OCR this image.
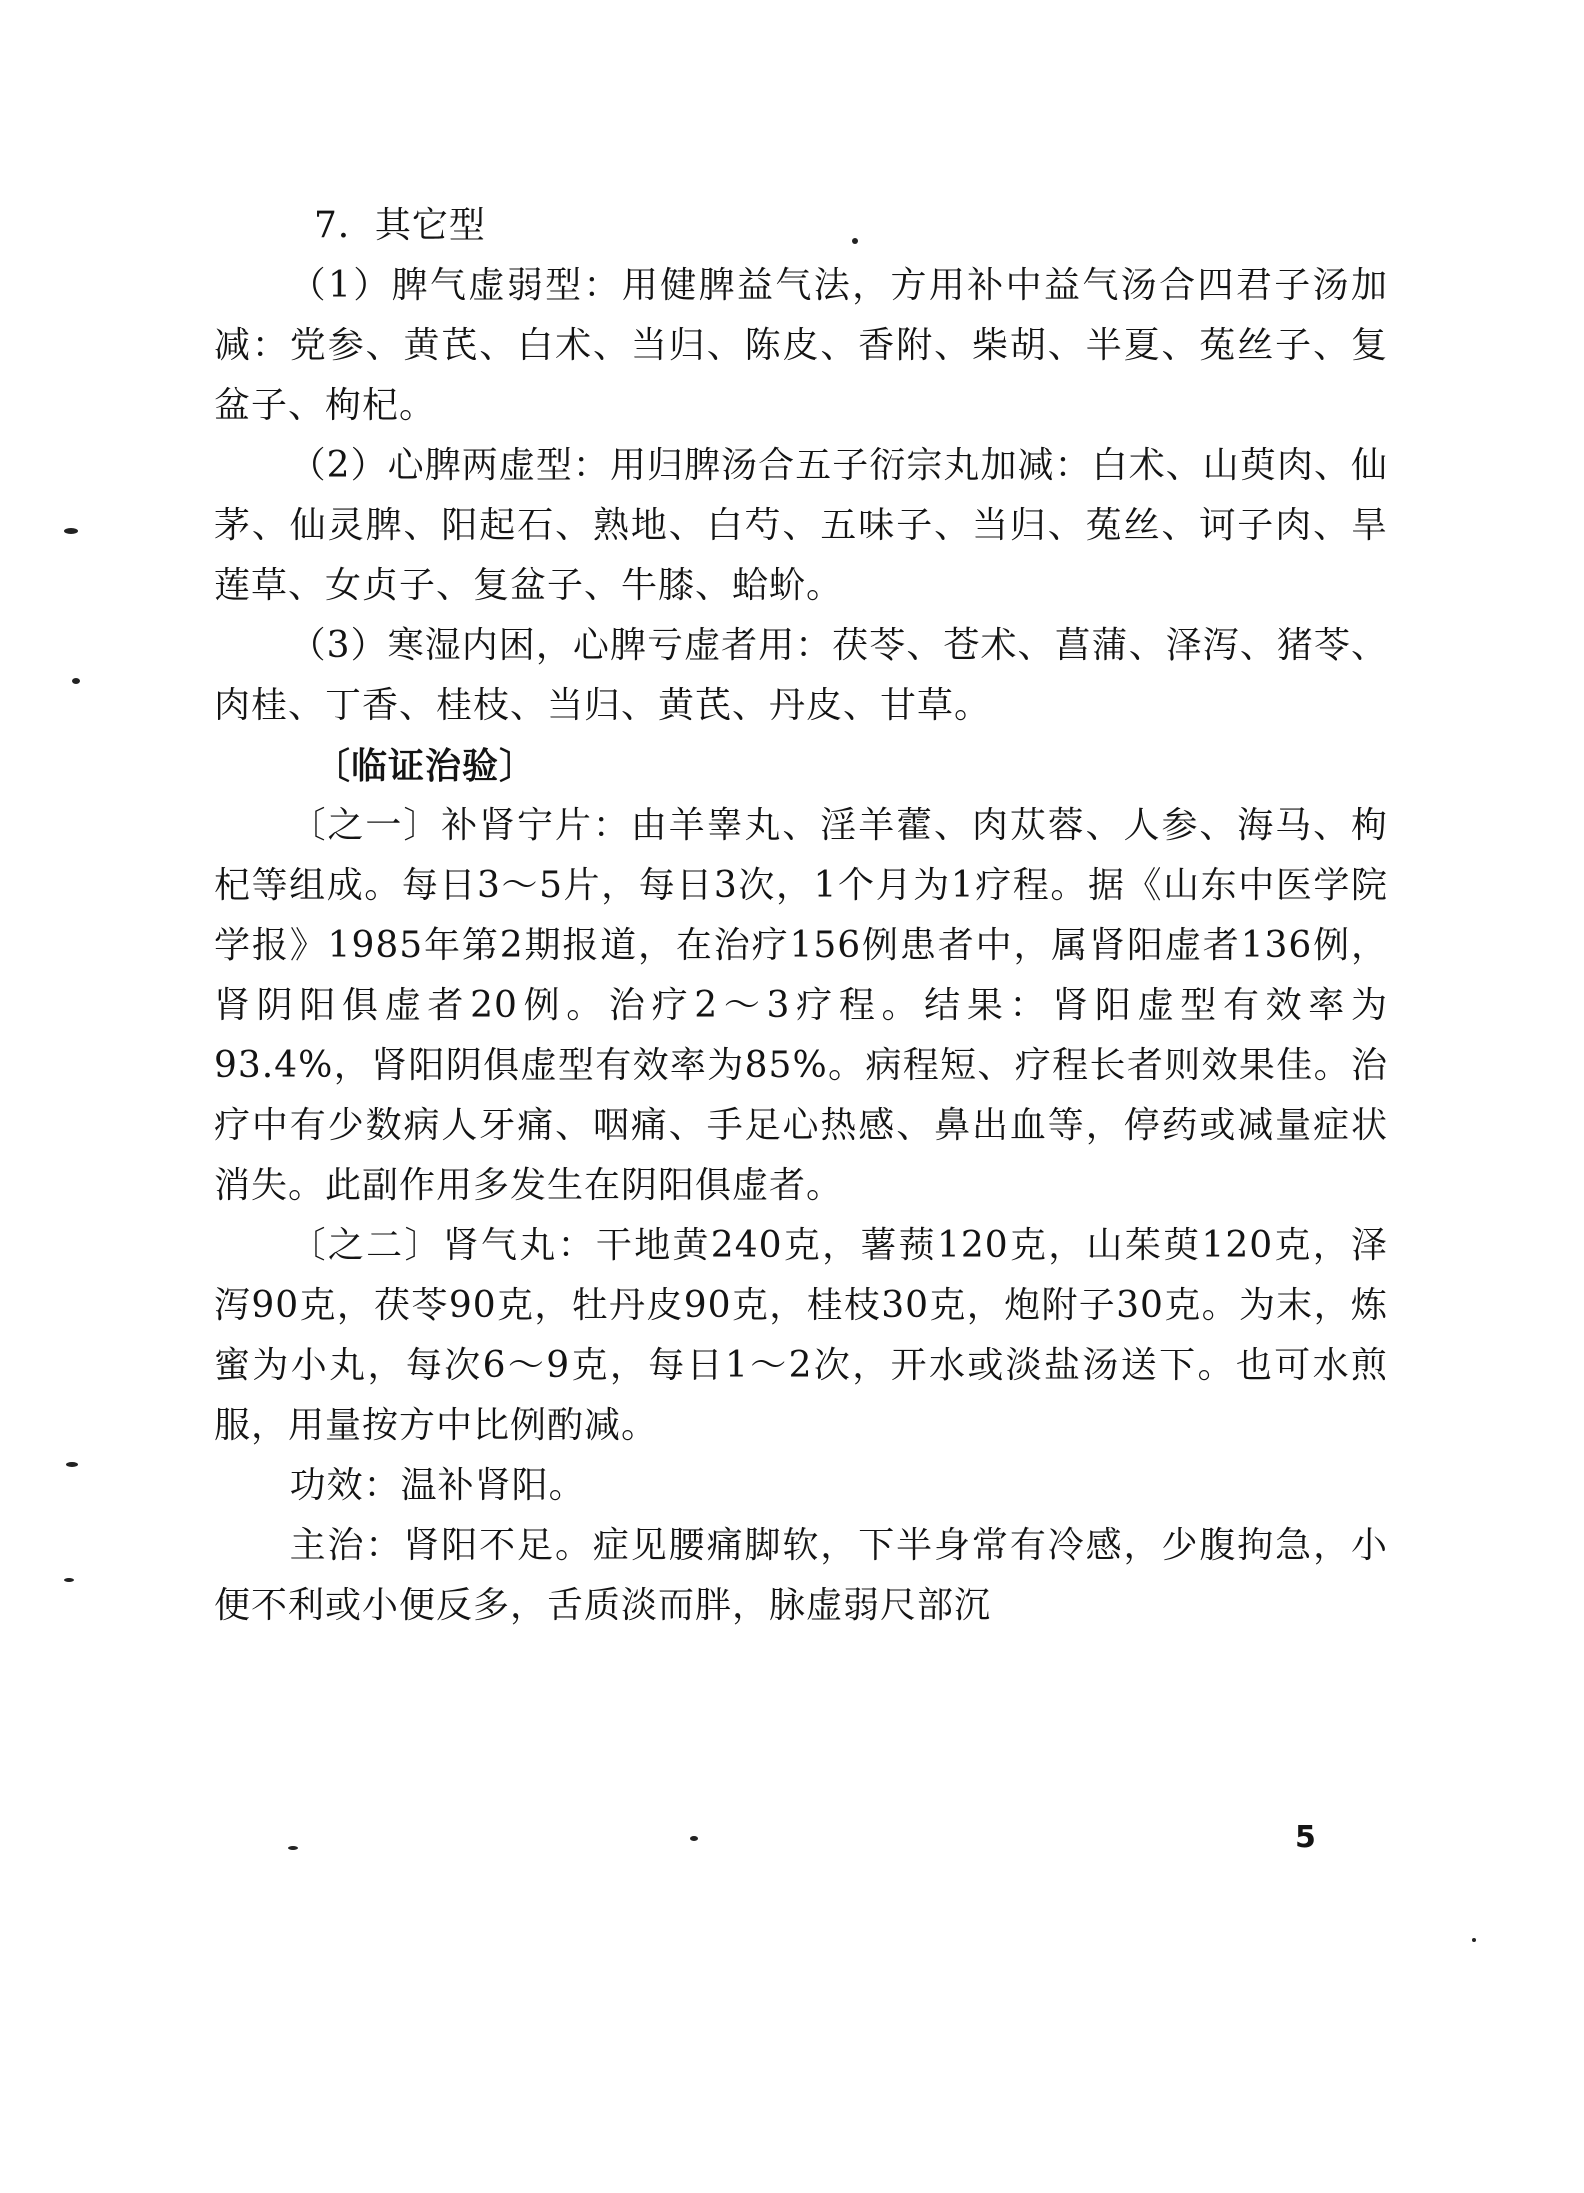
7．其它型

（1）脾气虚弱型：用健脾益气法，方用补中益气汤合四君子汤加减：党参、黄芪、白术、当归、陈皮、香附、柴胡、半夏、菟丝子、复盆子、枸杞。

（2）心脾两虚型：用归脾汤合五子衍宗丸加减：白术、山萸肉、仙茅、仙灵脾、阳起石、熟地、白芍、五味子、当归、菟丝、诃子肉、旱莲草、女贞子、复盆子、牛膝、蛤蚧。

（3）寒湿内困，心脾亏虚者用：茯苓、苍术、菖蒲、泽泻、猪苓、肉桂、丁香、桂枝、当归、黄芪、丹皮、甘草。

〔临证治验〕

〔之一〕补肾宁片：由羊睾丸、淫羊藿、肉苁蓉、人参、海马、枸杞等组成。每日3～5片，每日3次，1个月为1疗程。据《山东中医学院学报》1985年第2期报道，在治疗156例患者中，属肾阳虚者136例，肾阴阳俱虚者20例。治疗2～3疗程。结果：肾阳虚型有效率为93.4%，肾阳阴俱虚型有效率为85%。病程短、疗程长者则效果佳。治疗中有少数病人牙痛、咽痛、手足心热感、鼻出血等，停药或减量症状消失。此副作用多发生在阴阳俱虚者。

〔之二〕肾气丸：干地黄240克，薯蓣120克，山茱萸120克，泽泻90克，茯苓90克，牡丹皮90克，桂枝30克，炮附子30克。为末，炼蜜为小丸，每次6～9克，每日1～2次，开水或淡盐汤送下。也可水煎服，用量按方中比例酌减。

功效：温补肾阳。

主治：肾阳不足。症见腰痛脚软，下半身常有冷感，少腹拘急，小便不利或小便反多，舌质淡而胖，脉虚弱尺部沉

5
